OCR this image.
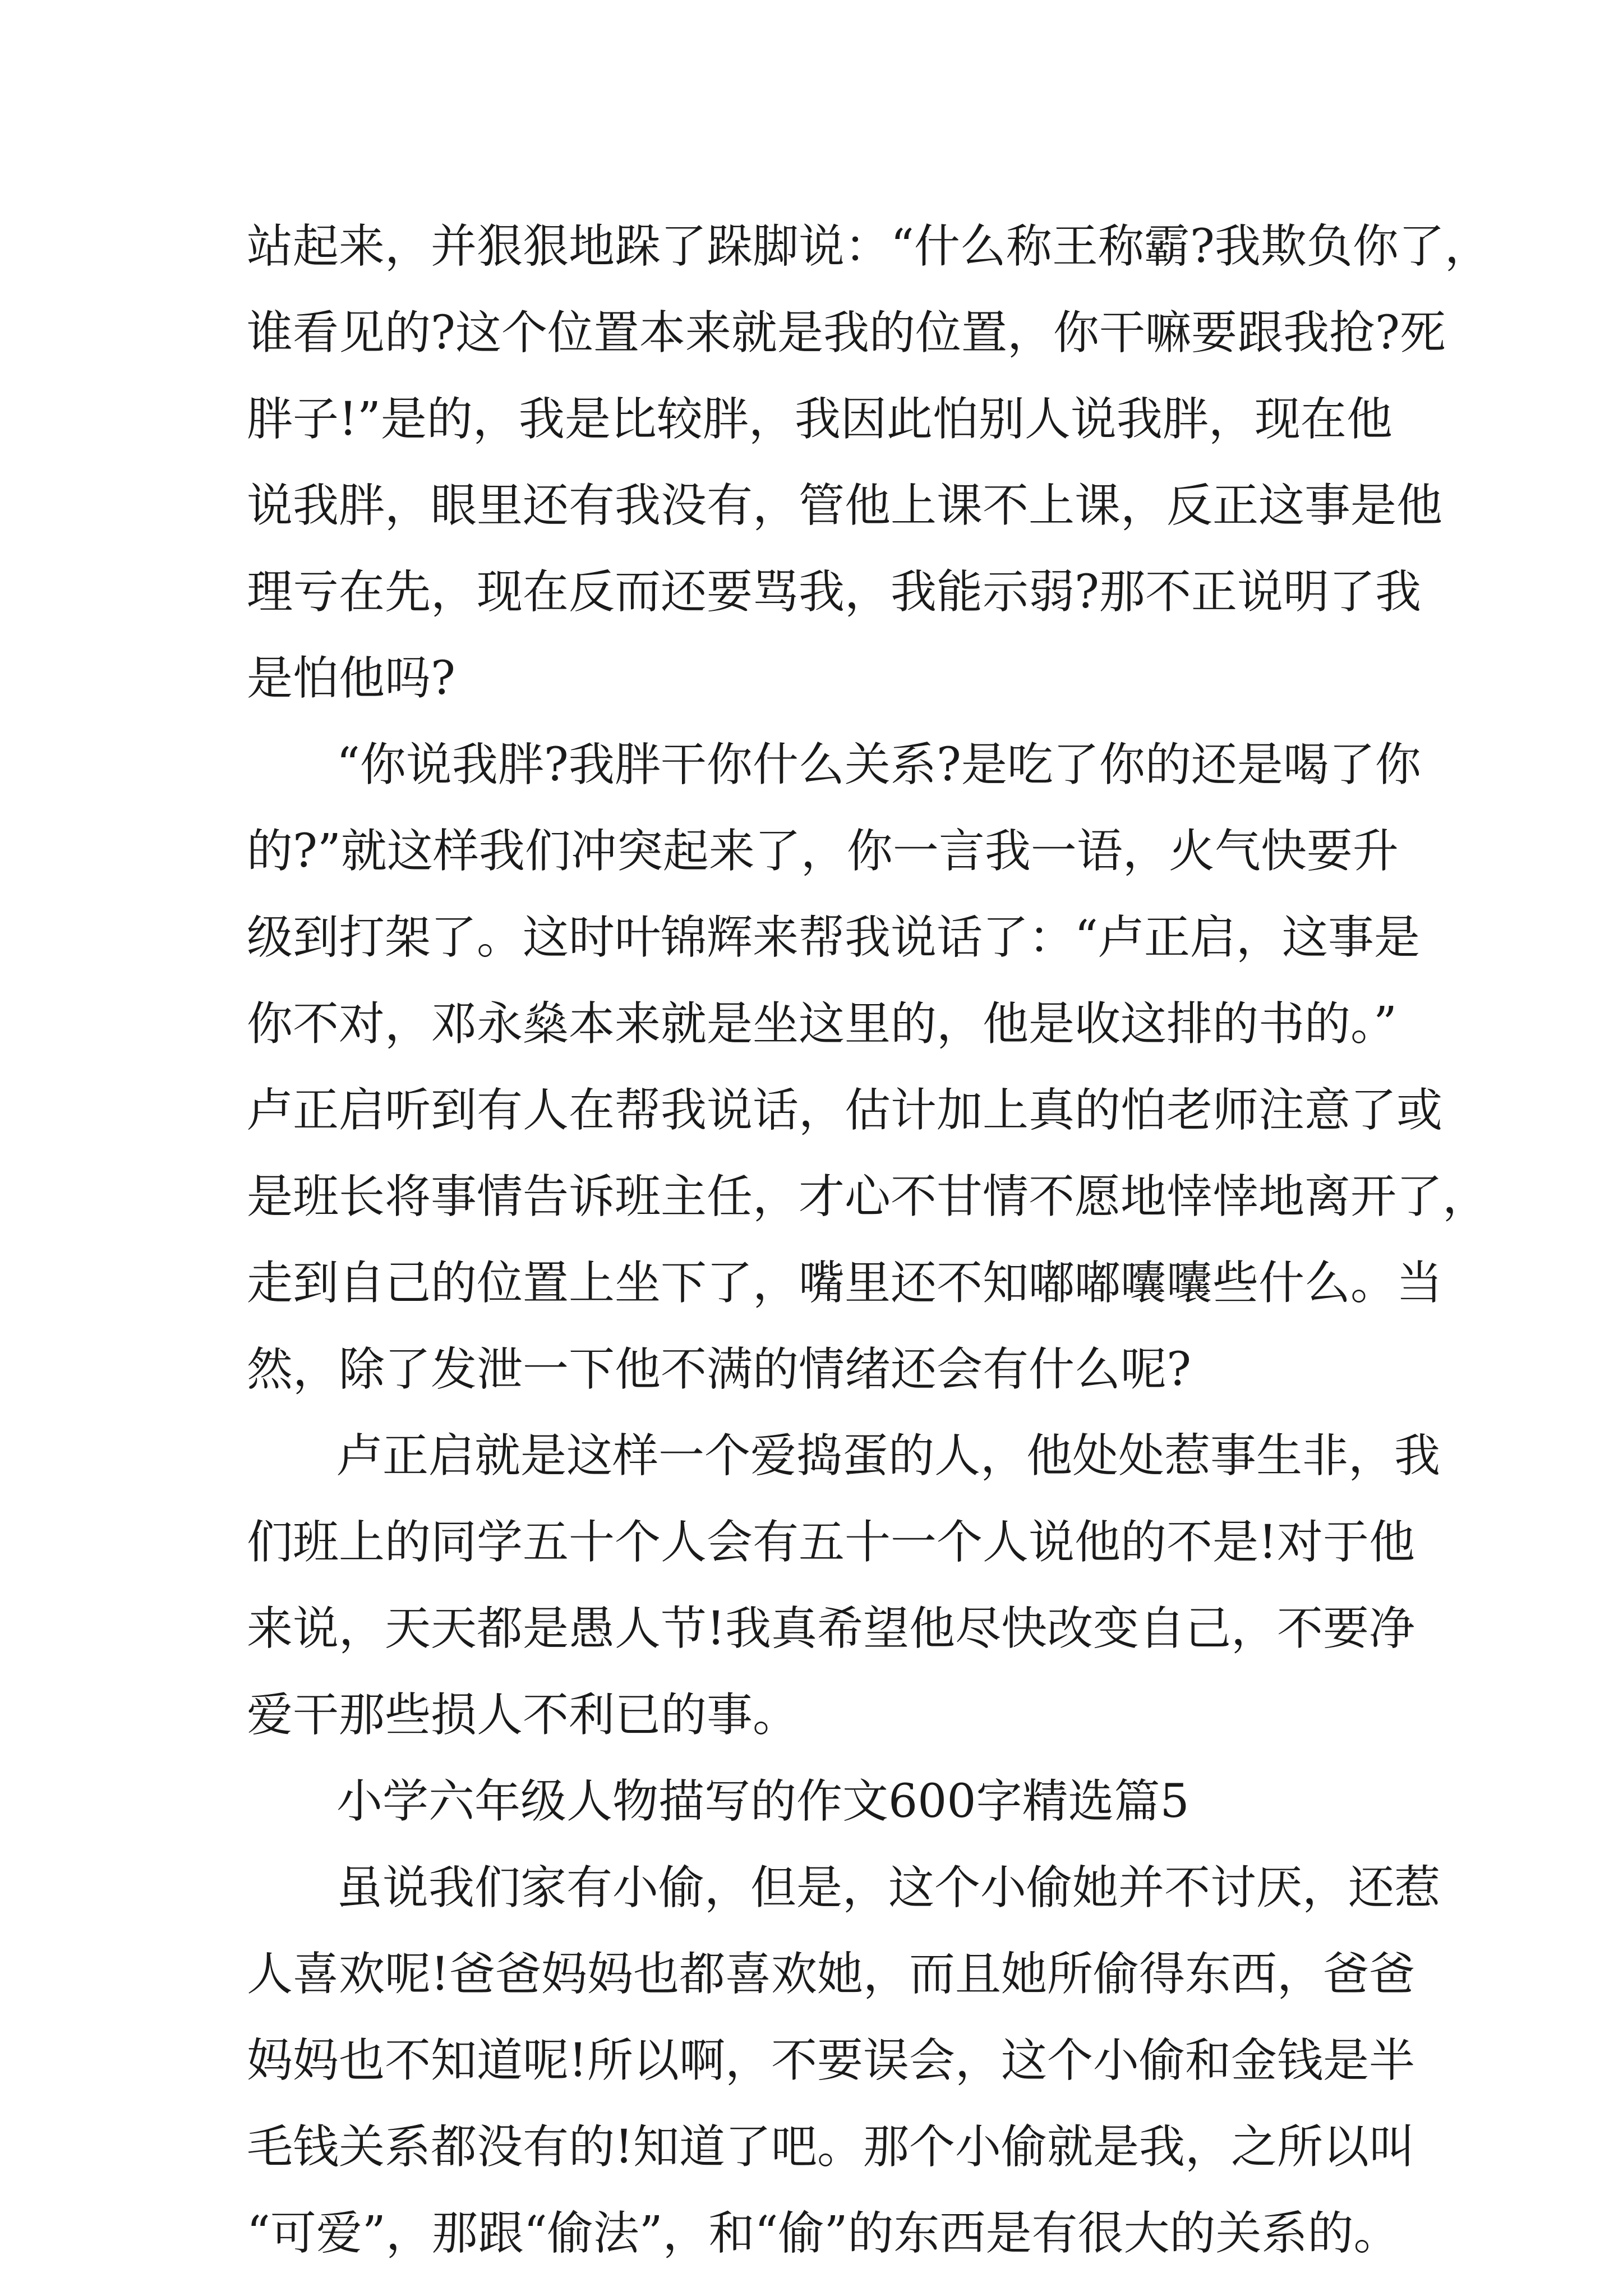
站起来，并狠狠地跺了跺脚说：“什么称王称霸?我欺负你了，
谁看见的?这个位置本来就是我的位置，你干嘛要跟我抢?死
胖子!”是的，我是比较胖，我因此怕别人说我胖，现在他
说我胖，眼里还有我没有，管他上课不上课，反正这事是他
理亏在先，现在反而还要骂我，我能示弱?那不正说明了我
是怕他吗?
“你说我胖?我胖干你什么关系?是吃了你的还是喝了你
的?”就这样我们冲突起来了，你一言我一语，火气快要升
级到打架了。这时叶锦辉来帮我说话了：“卢正启，这事是
你不对，邓永燊本来就是坐这里的，他是收这排的书的。”
卢正启听到有人在帮我说话，估计加上真的怕老师注意了或
是班长将事情告诉班主任，才心不甘情不愿地悻悻地离开了，
走到自己的位置上坐下了，嘴里还不知嘟嘟囔囔些什么。当
然，除了发泄一下他不满的情绪还会有什么呢?
卢正启就是这样一个爱捣蛋的人，他处处惹事生非，我
们班上的同学五十个人会有五十一个人说他的不是!对于他
来说，天天都是愚人节!我真希望他尽快改变自己，不要净
爱干那些损人不利已的事。
小学六年级人物描写的作文600字精选篇5
虽说我们家有小偷，但是，这个小偷她并不讨厌，还惹
人喜欢呢!爸爸妈妈也都喜欢她，而且她所偷得东西，爸爸
妈妈也不知道呢!所以啊，不要误会，这个小偷和金钱是半
毛钱关系都没有的!知道了吧。那个小偷就是我，之所以叫
“可爱”，那跟“偷法”，和“偷”的东西是有很大的关系的。
